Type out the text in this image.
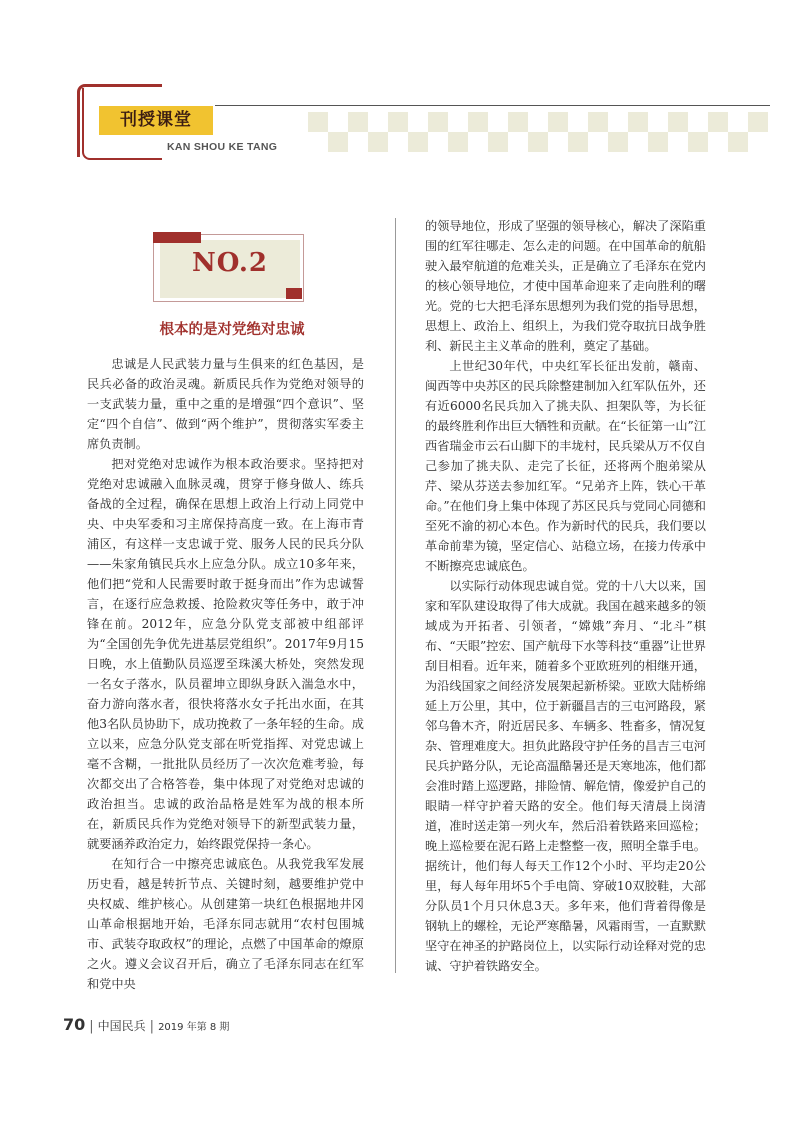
刊授课堂
KAN SHOU KE TANG
NO.2
根本的是对党绝对忠诚

忠诚是人民武装力量与生俱来的红色基因，是民兵必备的政治灵魂。新质民兵作为党绝对领导的一支武装力量，重中之重的是增强“四个意识”、坚定“四个自信”、做到“两个维护”，贯彻落实军委主席负责制。

把对党绝对忠诚作为根本政治要求。坚持把对党绝对忠诚融入血脉灵魂，贯穿于修身做人、练兵备战的全过程，确保在思想上政治上行动上同党中央、中央军委和习主席保持高度一致。在上海市青浦区，有这样一支忠诚于党、服务人民的民兵分队——朱家角镇民兵水上应急分队。成立10多年来，他们把“党和人民需要时敢于挺身而出”作为忠诚誓言，在逐行应急救援、抢险救灾等任务中，敢于冲锋在前。2012年，应急分队党支部被中组部评为“全国创先争优先进基层党组织”。2017年9月15日晚，水上值勤队员巡逻至珠溪大桥处，突然发现一名女子落水，队员翟坤立即纵身跃入湍急水中，奋力游向落水者，很快将落水女子托出水面，在其他3名队员协助下，成功挽救了一条年轻的生命。成立以来，应急分队党支部在听党指挥、对党忠诚上毫不含糊，一批批队员经历了一次次危难考验，每次都交出了合格答卷，集中体现了对党绝对忠诚的政治担当。忠诚的政治品格是姓军为战的根本所在，新质民兵作为党绝对领导下的新型武装力量，就要涵养政治定力，始终跟党保持一条心。

在知行合一中擦亮忠诚底色。从我党我军发展历史看，越是转折节点、关键时刻，越要维护党中央权威、维护核心。从创建第一块红色根据地井冈山革命根据地开始，毛泽东同志就用“农村包围城市、武装夺取政权”的理论，点燃了中国革命的燎原之火。遵义会议召开后，确立了毛泽东同志在红军和党中央

的领导地位，形成了坚强的领导核心，解决了深陷重围的红军往哪走、怎么走的问题。在中国革命的航船驶入最窄航道的危难关头，正是确立了毛泽东在党内的核心领导地位，才使中国革命迎来了走向胜利的曙光。党的七大把毛泽东思想列为我们党的指导思想，思想上、政治上、组织上，为我们党夺取抗日战争胜利、新民主主义革命的胜利，奠定了基础。

上世纪30年代，中央红军长征出发前，赣南、闽西等中央苏区的民兵除整建制加入红军队伍外，还有近6000名民兵加入了挑夫队、担架队等，为长征的最终胜利作出巨大牺牲和贡献。在“长征第一山”江西省瑞金市云石山脚下的丰垅村，民兵梁从万不仅自己参加了挑夫队、走完了长征，还将两个胞弟梁从芹、梁从芬送去参加红军。“兄弟齐上阵，铁心干革命。”在他们身上集中体现了苏区民兵与党同心同德和至死不渝的初心本色。作为新时代的民兵，我们要以革命前辈为镜，坚定信心、站稳立场，在接力传承中不断擦亮忠诚底色。

以实际行动体现忠诚自觉。党的十八大以来，国家和军队建设取得了伟大成就。我国在越来越多的领域成为开拓者、引领者，“嫦娥”奔月、“北斗”棋布、“天眼”控宏、国产航母下水等科技“重器”让世界刮目相看。近年来，随着多个亚欧班列的相继开通，为沿线国家之间经济发展架起新桥梁。亚欧大陆桥绵延上万公里，其中，位于新疆昌吉的三屯河路段，紧邻乌鲁木齐，附近居民多、车辆多、牲畜多，情况复杂、管理难度大。担负此路段守护任务的昌吉三屯河民兵护路分队，无论高温酷暑还是天寒地冻，他们都会准时踏上巡逻路，排险情、解危情，像爱护自己的眼睛一样守护着天路的安全。他们每天清晨上岗清道，准时送走第一列火车，然后沿着铁路来回巡检；晚上巡检要在泥石路上走整整一夜，照明全靠手电。据统计，他们每人每天工作12个小时、平均走20公里，每人每年用坏5个手电筒、穿破10双胶鞋，大部分队员1个月只休息3天。多年来，他们背着得像是钢轨上的螺栓，无论严寒酷暑，风霜雨雪，一直默默坚守在神圣的护路岗位上，以实际行动诠释对党的忠诚、守护着铁路安全。

70 | 中国民兵 | 2019 年第 8 期
